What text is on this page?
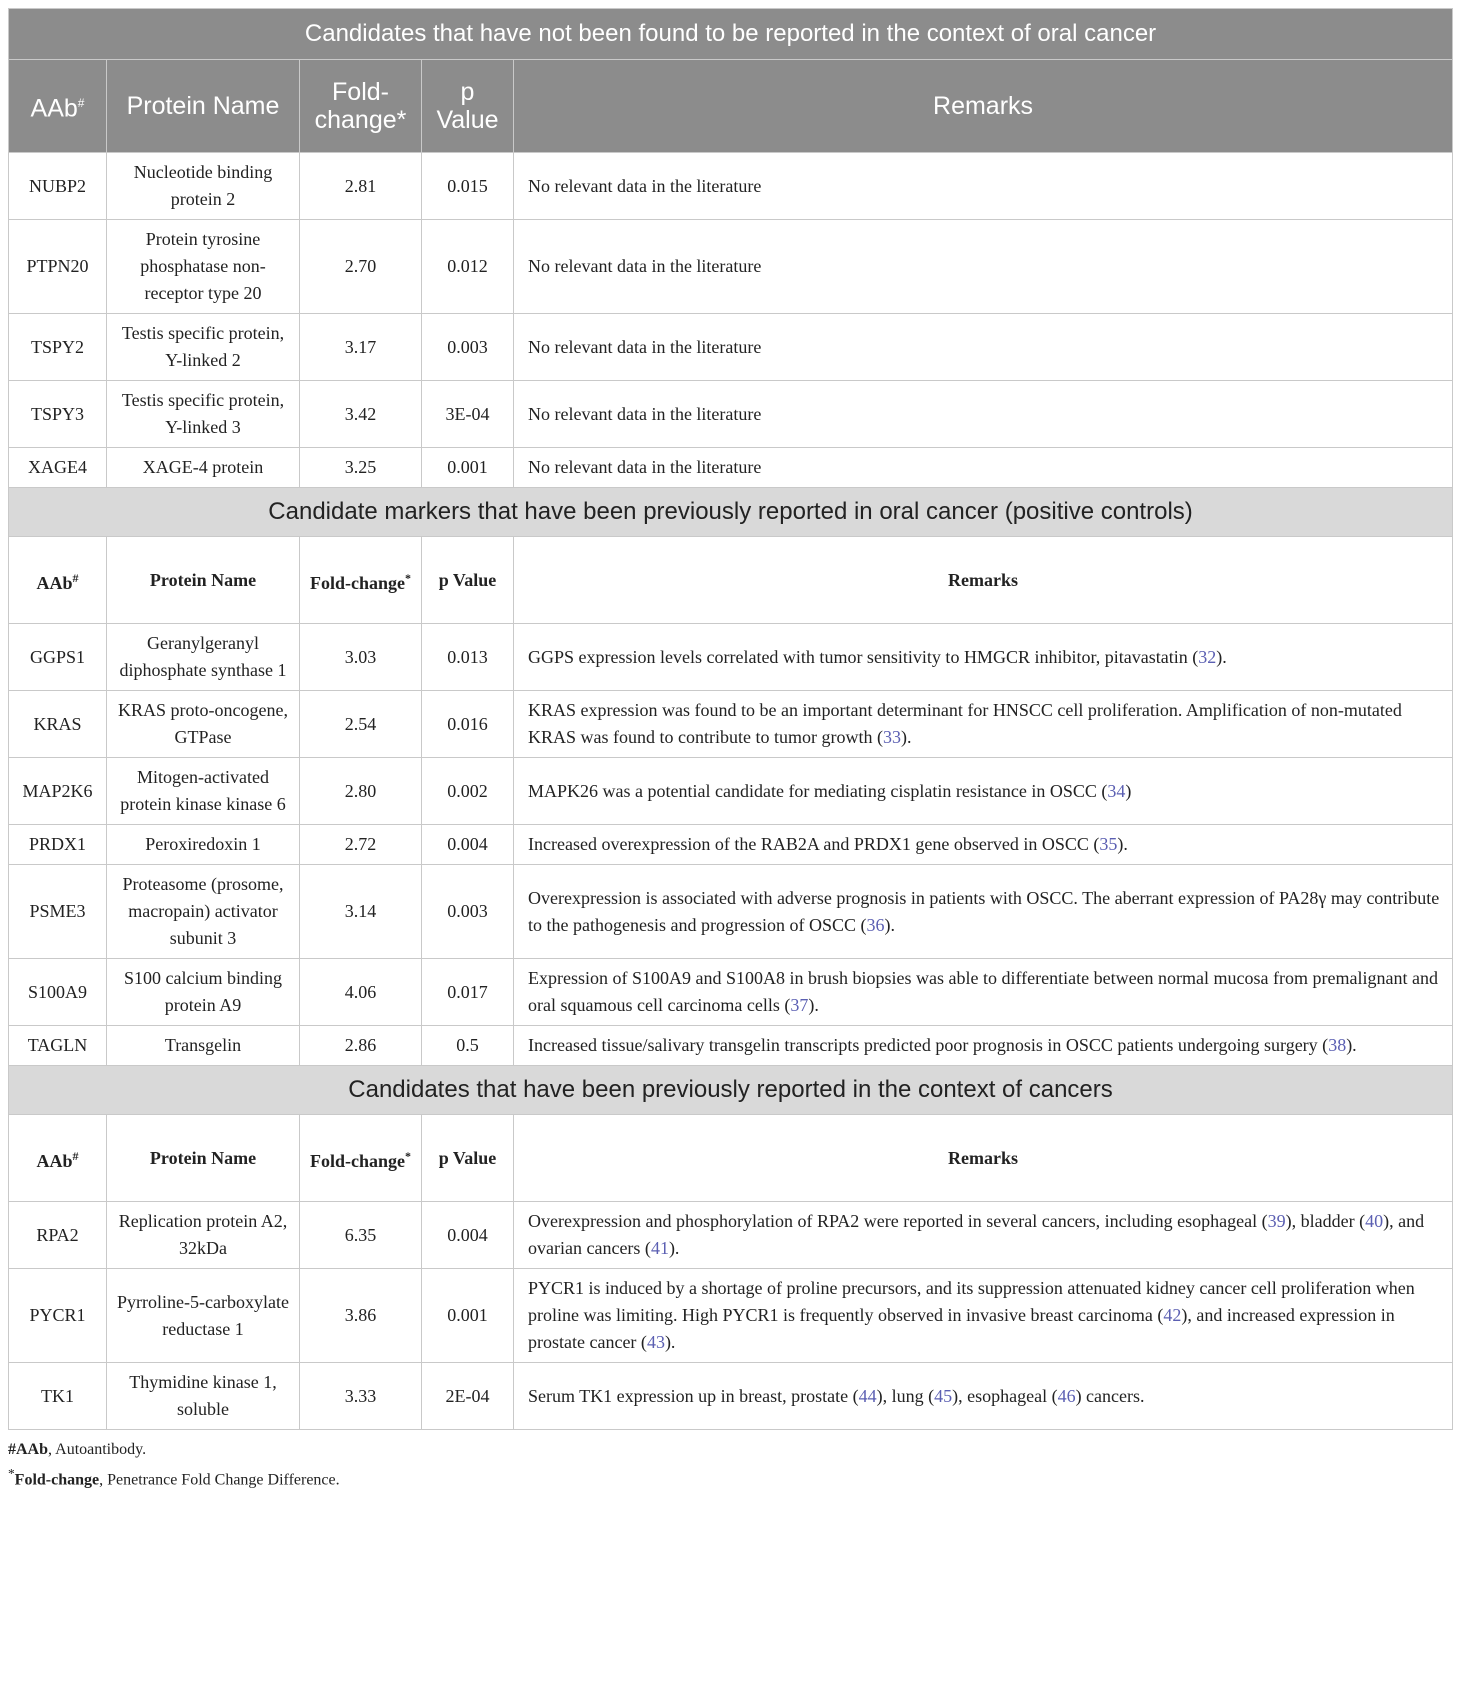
Candidates that have not been found to be reported in the context of oral cancer				
AAb#	Protein Name	Fold-change*	p Value	Remarks
NUBP2	Nucleotide binding protein 2	2.81	0.015	No relevant data in the literature
PTPN20	Protein tyrosine phosphatase non-receptor type 20	2.70	0.012	No relevant data in the literature
TSPY2	Testis specific protein, Y-linked 2	3.17	0.003	No relevant data in the literature
TSPY3	Testis specific protein, Y-linked 3	3.42	3E-04	No relevant data in the literature
XAGE4	XAGE-4 protein	3.25	0.001	No relevant data in the literature
Candidate markers that have been previously reported in oral cancer (positive controls)				
AAb#	Protein Name	Fold-change*	p Value	Remarks
GGPS1	Geranylgeranyl diphosphate synthase 1	3.03	0.013	GGPS expression levels correlated with tumor sensitivity to HMGCR inhibitor, pitavastatin (32).
KRAS	KRAS proto-oncogene, GTPase	2.54	0.016	KRAS expression was found to be an important determinant for HNSCC cell proliferation. Amplification of non-mutated KRAS was found to contribute to tumor growth (33).
MAP2K6	Mitogen-activated protein kinase kinase 6	2.80	0.002	MAPK26 was a potential candidate for mediating cisplatin resistance in OSCC (34)
PRDX1	Peroxiredoxin 1	2.72	0.004	Increased overexpression of the RAB2A and PRDX1 gene observed in OSCC (35).
PSME3	Proteasome (prosome, macropain) activator subunit 3	3.14	0.003	Overexpression is associated with adverse prognosis in patients with OSCC. The aberrant expression of PA28γ may contribute to the pathogenesis and progression of OSCC (36).
S100A9	S100 calcium binding protein A9	4.06	0.017	Expression of S100A9 and S100A8 in brush biopsies was able to differentiate between normal mucosa from premalignant and oral squamous cell carcinoma cells (37).
TAGLN	Transgelin	2.86	0.5	Increased tissue/salivary transgelin transcripts predicted poor prognosis in OSCC patients undergoing surgery (38).
Candidates that have been previously reported in the context of cancers				
AAb#	Protein Name	Fold-change*	p Value	Remarks
RPA2	Replication protein A2, 32kDa	6.35	0.004	Overexpression and phosphorylation of RPA2 were reported in several cancers, including esophageal (39), bladder (40), and ovarian cancers (41).
PYCR1	Pyrroline-5-carboxylate reductase 1	3.86	0.001	PYCR1 is induced by a shortage of proline precursors, and its suppression attenuated kidney cancer cell proliferation when proline was limiting. High PYCR1 is frequently observed in invasive breast carcinoma (42), and increased expression in prostate cancer (43).
TK1	Thymidine kinase 1, soluble	3.33	2E-04	Serum TK1 expression up in breast, prostate (44), lung (45), esophageal (46) cancers.
#AAb, Autoantibody.
*Fold-change, Penetrance Fold Change Difference.
